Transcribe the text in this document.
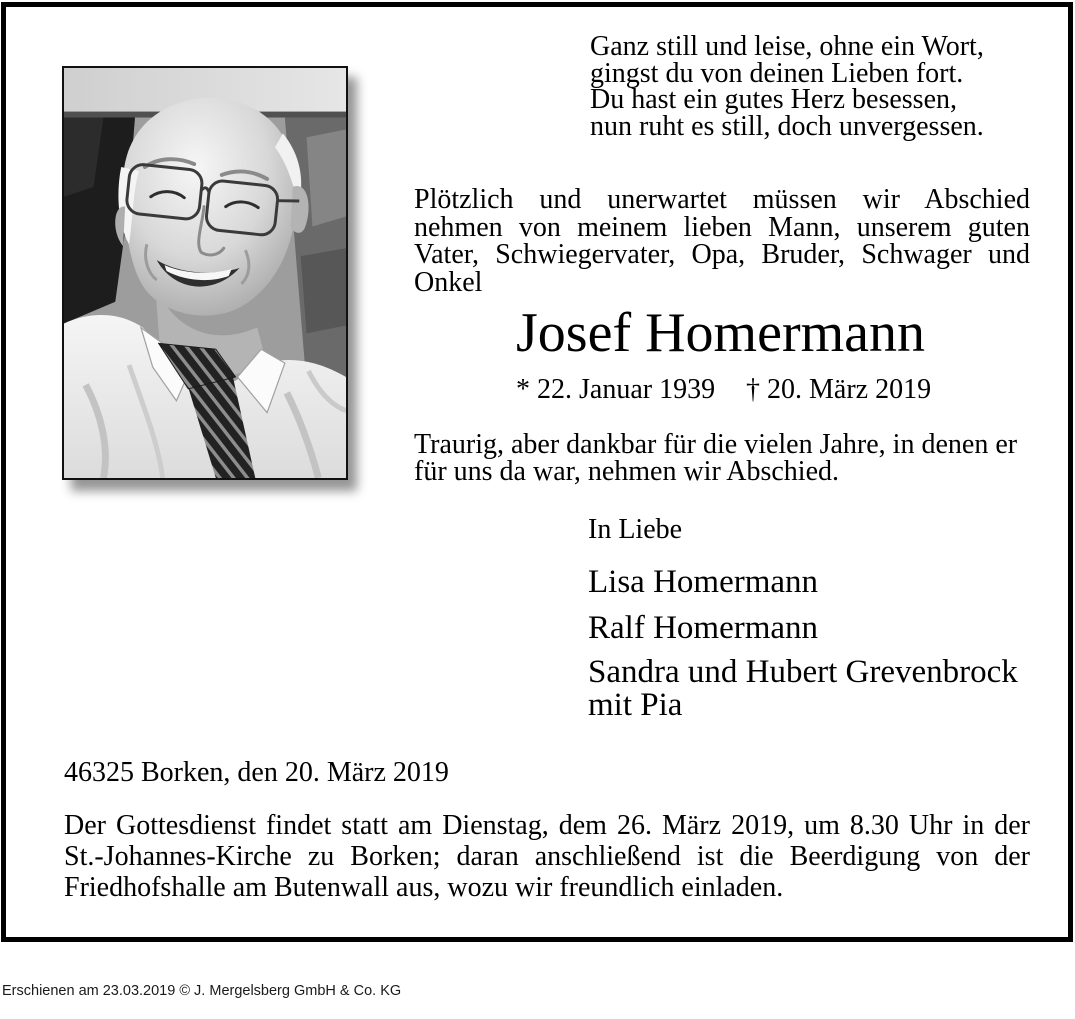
Ganz still und leise, ohne ein Wort,
gingst du von deinen Lieben fort.
Du hast ein gutes Herz besessen,
nun ruht es still, doch unvergessen.
Plötzlich und unerwartet müssen wir Abschied
nehmen von meinem lieben Mann, unserem guten
Vater, Schwiegervater, Opa, Bruder, Schwager und
Onkel
Josef Homermann
* 22. Januar 1939 † 20. März 2019
Traurig, aber dankbar für die vielen Jahre, in denen er
für uns da war, nehmen wir Abschied.
In Liebe
Lisa Homermann
Ralf Homermann
Sandra und Hubert Grevenbrock
mit Pia
46325 Borken, den 20. März 2019
Der Gottesdienst findet statt am Dienstag, dem 26. März 2019, um 8.30 Uhr in der
St.-Johannes-Kirche zu Borken; daran anschließend ist die Beerdigung von der
Friedhofshalle am Butenwall aus, wozu wir freundlich einladen.
Erschienen am 23.03.2019 © J. Mergelsberg GmbH & Co. KG
